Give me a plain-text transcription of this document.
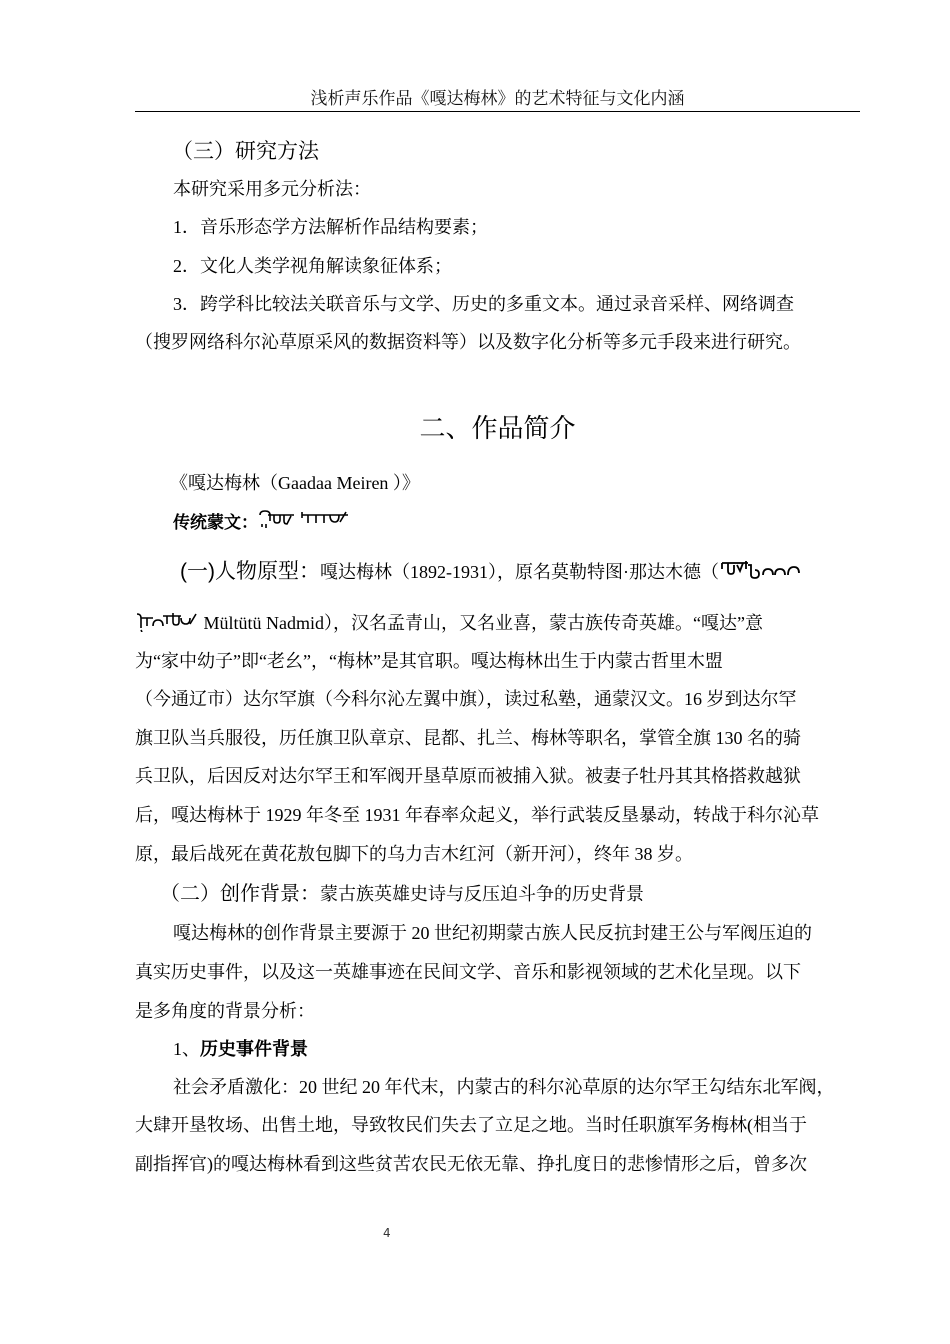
浅析声乐作品《嘎达梅林》的艺术特征与文化内涵
（三）研究方法
本研究采用多元分析法：
1．音乐形态学方法解析作品结构要素；
2．文化人类学视角解读象征体系；
3．跨学科比较法关联音乐与文学、历史的多重文本。通过录音采样、网络调查
（搜罗网络科尔沁草原采风的数据资料等）以及数字化分析等多元手段来进行研究。
二、作品简介
《嘎达梅林（Gaadaa Meiren ）》
传统蒙文：
(一)人物原型：嘎达梅林（1892-1931），原名莫勒特图·那达木德（
Mültütü Nadmid），汉名孟青山，又名业喜，蒙古族传奇英雄。“嘎达”意
为“家中幼子”即“老幺”，“梅林”是其官职。嘎达梅林出生于内蒙古哲里木盟
（今通辽市）达尔罕旗（今科尔沁左翼中旗），读过私塾，通蒙汉文。16 岁到达尔罕
旗卫队当兵服役，历任旗卫队章京、昆都、扎兰、梅林等职名，掌管全旗 130 名的骑
兵卫队，后因反对达尔罕王和军阀开垦草原而被捕入狱。被妻子牡丹其其格搭救越狱
后，嘎达梅林于 1929 年冬至 1931 年春率众起义，举行武装反垦暴动，转战于科尔沁草
原，最后战死在黄花敖包脚下的乌力吉木红河（新开河），终年 38 岁。
（二）创作背景：蒙古族英雄史诗与反压迫斗争的历史背景
嘎达梅林的创作背景主要源于 20 世纪初期蒙古族人民反抗封建王公与军阀压迫的
真实历史事件，以及这一英雄事迹在民间文学、音乐和影视领域的艺术化呈现。以下
是多角度的背景分析：
1、历史事件背景
社会矛盾激化：20 世纪 20 年代末，内蒙古的科尔沁草原的达尔罕王勾结东北军阀，
大肆开垦牧场、出售土地，导致牧民们失去了立足之地。当时任职旗军务梅林(相当于
副指挥官)的嘎达梅林看到这些贫苦农民无依无靠、挣扎度日的悲惨情形之后，曾多次
4
